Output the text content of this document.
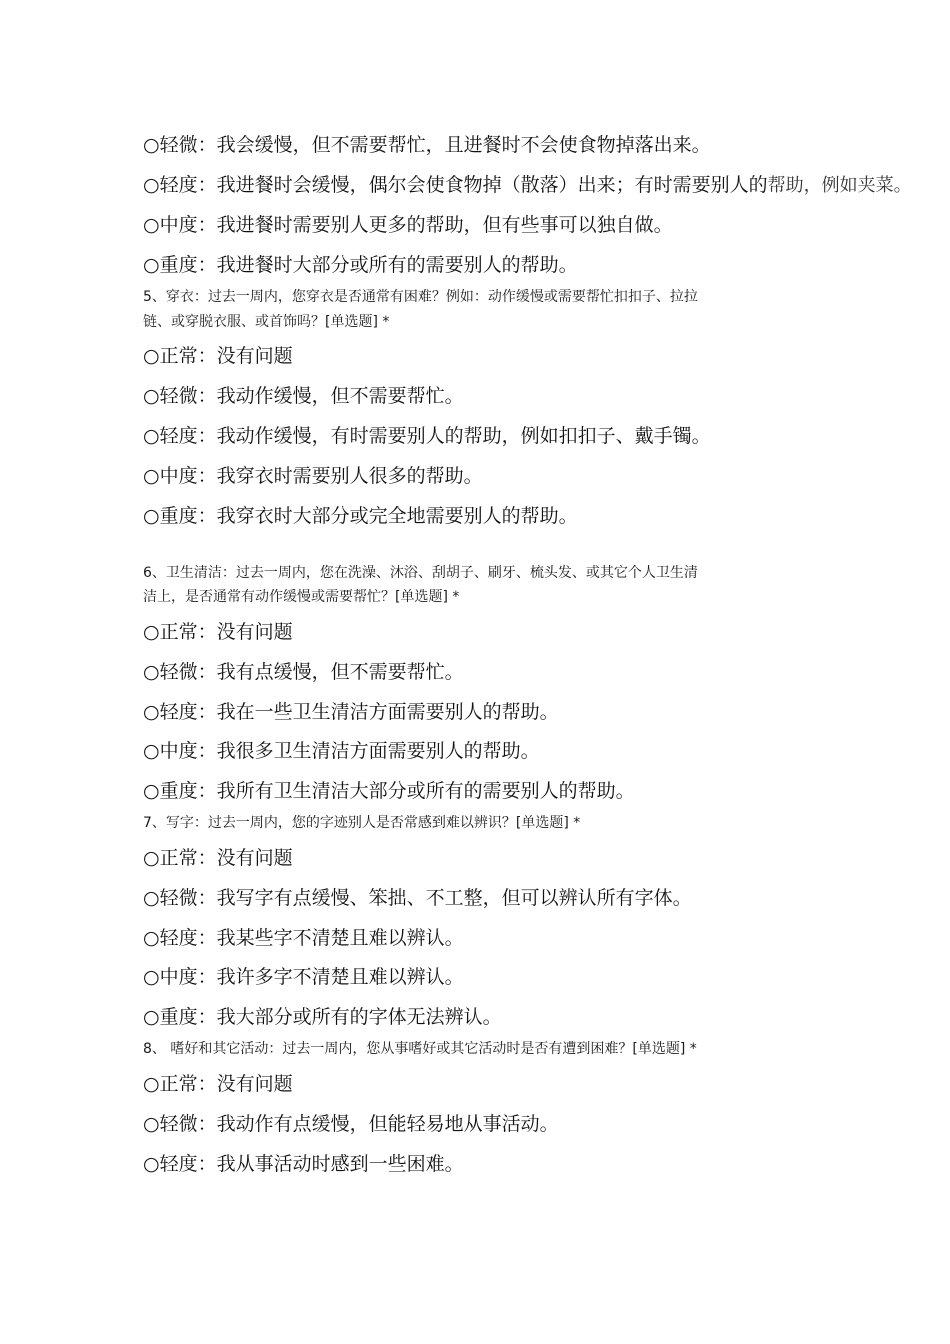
○轻微：我会缓慢，但不需要帮忙，且进餐时不会使食物掉落出来。
○轻度：我进餐时会缓慢，偶尔会使食物掉（散落）出来；有时需要别人的帮助，例如夹菜。
○中度：我进餐时需要别人更多的帮助，但有些事可以独自做。
○重度：我进餐时大部分或所有的需要别人的帮助。
5、穿衣：过去一周内，您穿衣是否通常有困难？例如：动作缓慢或需要帮忙扣扣子、拉拉
链、或穿脱衣服、或首饰吗？[单选题] *
○正常：没有问题
○轻微：我动作缓慢，但不需要帮忙。
○轻度：我动作缓慢，有时需要别人的帮助，例如扣扣子、戴手镯。
○中度：我穿衣时需要别人很多的帮助。
○重度：我穿衣时大部分或完全地需要别人的帮助。
6、卫生清洁：过去一周内，您在洗澡、沐浴、刮胡子、刷牙、梳头发、或其它个人卫生清
洁上，是否通常有动作缓慢或需要帮忙？[单选题] *
○正常：没有问题
○轻微：我有点缓慢，但不需要帮忙。
○轻度：我在一些卫生清洁方面需要别人的帮助。
○中度：我很多卫生清洁方面需要别人的帮助。
○重度：我所有卫生清洁大部分或所有的需要别人的帮助。
7、写字：过去一周内，您的字迹别人是否常感到难以辨识？[单选题] *
○正常：没有问题
○轻微：我写字有点缓慢、笨拙、不工整，但可以辨认所有字体。
○轻度：我某些字不清楚且难以辨认。
○中度：我许多字不清楚且难以辨认。
○重度：我大部分或所有的字体无法辨认。
8、 嗜好和其它活动：过去一周内，您从事嗜好或其它活动时是否有遭到困难？[单选题] *
○正常：没有问题
○轻微：我动作有点缓慢，但能轻易地从事活动。
○轻度：我从事活动时感到一些困难。
